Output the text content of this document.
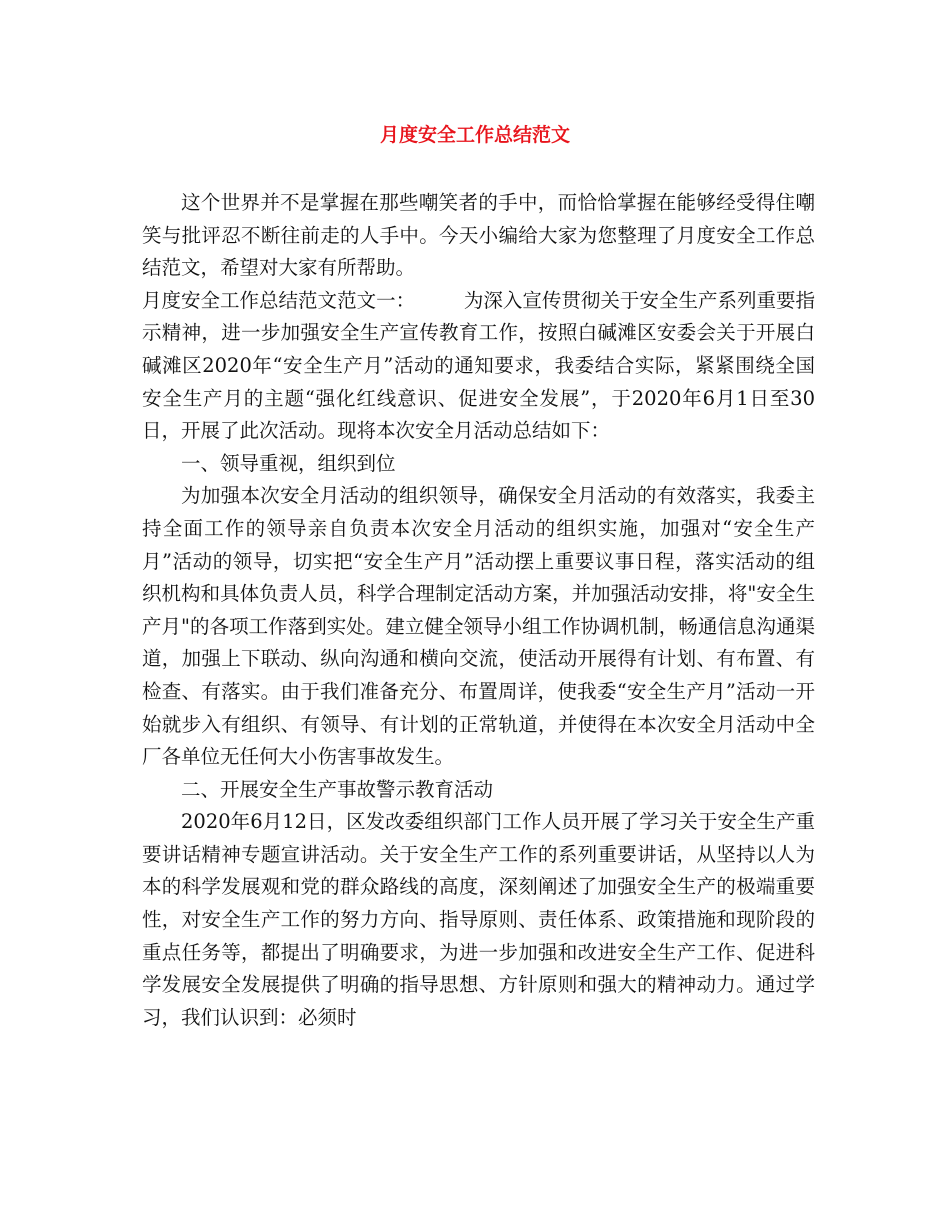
月度安全工作总结范文

这个世界并不是掌握在那些嘲笑者的手中，而恰恰掌握在能够经受得住嘲笑与批评忍不断往前走的人手中。今天小编给大家为您整理了月度安全工作总结范文，希望对大家有所帮助。

月度安全工作总结范文范文一：　　　为深入宣传贯彻关于安全生产系列重要指示精神，进一步加强安全生产宣传教育工作，按照白碱滩区安委会关于开展白碱滩区2020年“安全生产月”活动的通知要求，我委结合实际，紧紧围绕全国安全生产月的主题“强化红线意识、促进安全发展”，于2020年6月1日至30日，开展了此次活动。现将本次安全月活动总结如下：

一、领导重视，组织到位

为加强本次安全月活动的组织领导，确保安全月活动的有效落实，我委主持全面工作的领导亲自负责本次安全月活动的组织实施，加强对“安全生产月”活动的领导，切实把“安全生产月”活动摆上重要议事日程，落实活动的组织机构和具体负责人员，科学合理制定活动方案，并加强活动安排，将"安全生产月"的各项工作落到实处。建立健全领导小组工作协调机制，畅通信息沟通渠道，加强上下联动、纵向沟通和横向交流，使活动开展得有计划、有布置、有检查、有落实。由于我们准备充分、布置周详，使我委“安全生产月”活动一开始就步入有组织、有领导、有计划的正常轨道，并使得在本次安全月活动中全厂各单位无任何大小伤害事故发生。

二、开展安全生产事故警示教育活动

2020年6月12日，区发改委组织部门工作人员开展了学习关于安全生产重要讲话精神专题宣讲活动。关于安全生产工作的系列重要讲话，从坚持以人为本的科学发展观和党的群众路线的高度，深刻阐述了加强安全生产的极端重要性，对安全生产工作的努力方向、指导原则、责任体系、政策措施和现阶段的重点任务等，都提出了明确要求，为进一步加强和改进安全生产工作、促进科学发展安全发展提供了明确的指导思想、方针原则和强大的精神动力。通过学习，我们认识到：必须时
